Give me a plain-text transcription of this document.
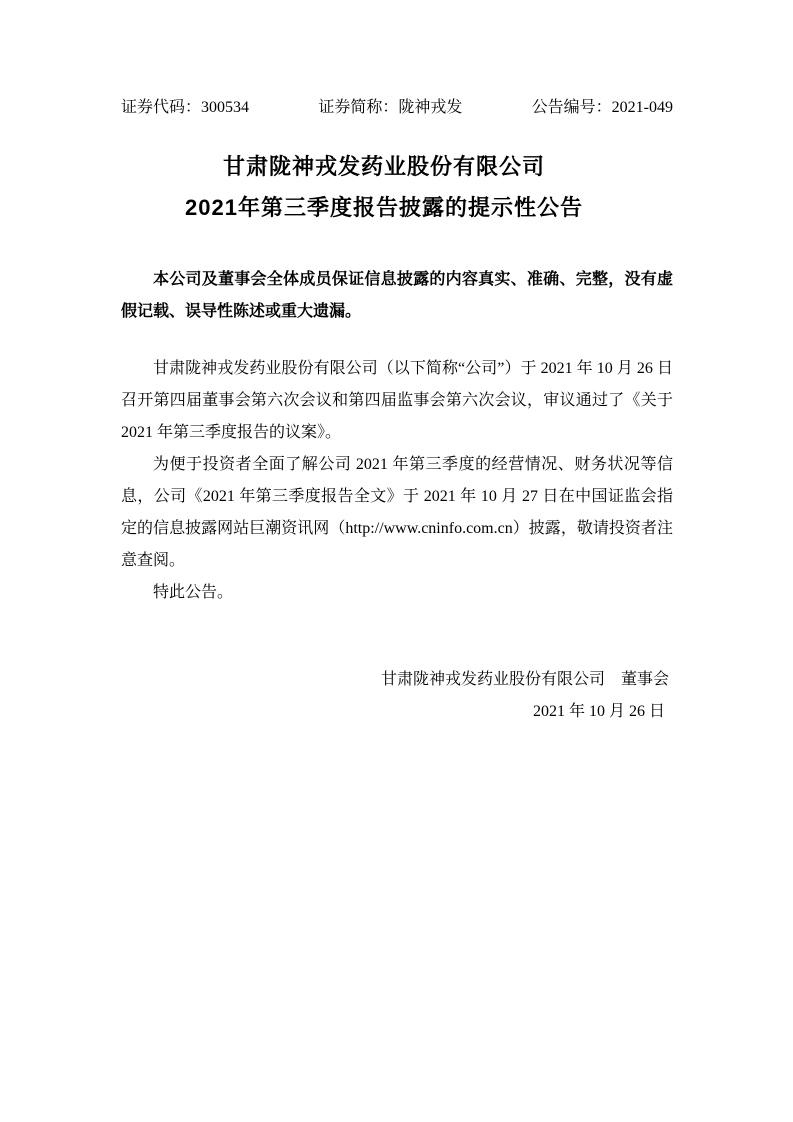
证券代码：300534	证券简称：陇神戎发	公告编号：2021-049
甘肃陇神戎发药业股份有限公司
2021年第三季度报告披露的提示性公告

本公司及董事会全体成员保证信息披露的内容真实、准确、完整，没有虚假记载、误导性陈述或重大遗漏。

甘肃陇神戎发药业股份有限公司（以下简称“公司”）于 2021 年 10 月 26 日召开第四届董事会第六次会议和第四届监事会第六次会议，审议通过了《关于 2021 年第三季度报告的议案》。

为便于投资者全面了解公司 2021 年第三季度的经营情况、财务状况等信息，公司《2021 年第三季度报告全文》于 2021 年 10 月 27 日在中国证监会指定的信息披露网站巨潮资讯网（http://www.cninfo.com.cn）披露，敬请投资者注意查阅。

特此公告。

甘肃陇神戎发药业股份有限公司　董事会
2021 年 10 月 26 日
